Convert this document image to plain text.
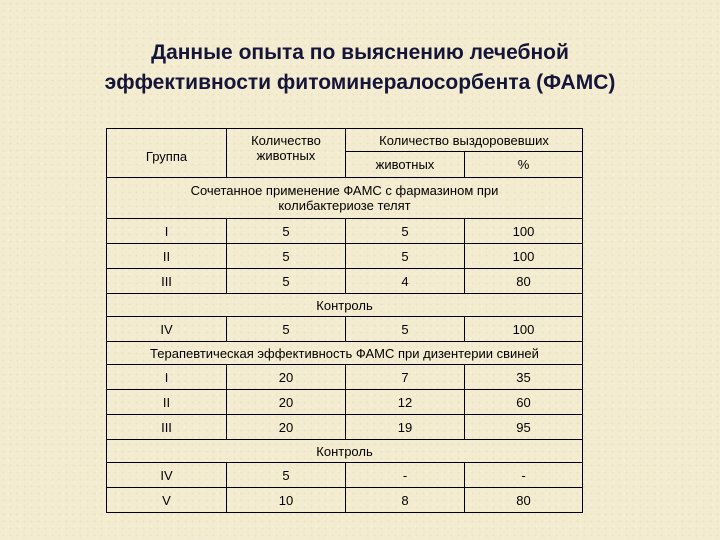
Данные опыта по выяснению лечебной
эффективности фитоминералосорбента (ФАМС)
Группа	Количество животных	Количество выздоровевших	
		животных	%
Сочетанное применение ФАМС с фармазином при колибактериозе телят			
I	5	5	100
II	5	5	100
III	5	4	80
Контроль			
IV	5	5	100
Терапевтическая эффективность ФАМС при дизентерии свиней			
I	20	7	35
II	20	12	60
III	20	19	95
Контроль			
IV	5	-	-
V	10	8	80
